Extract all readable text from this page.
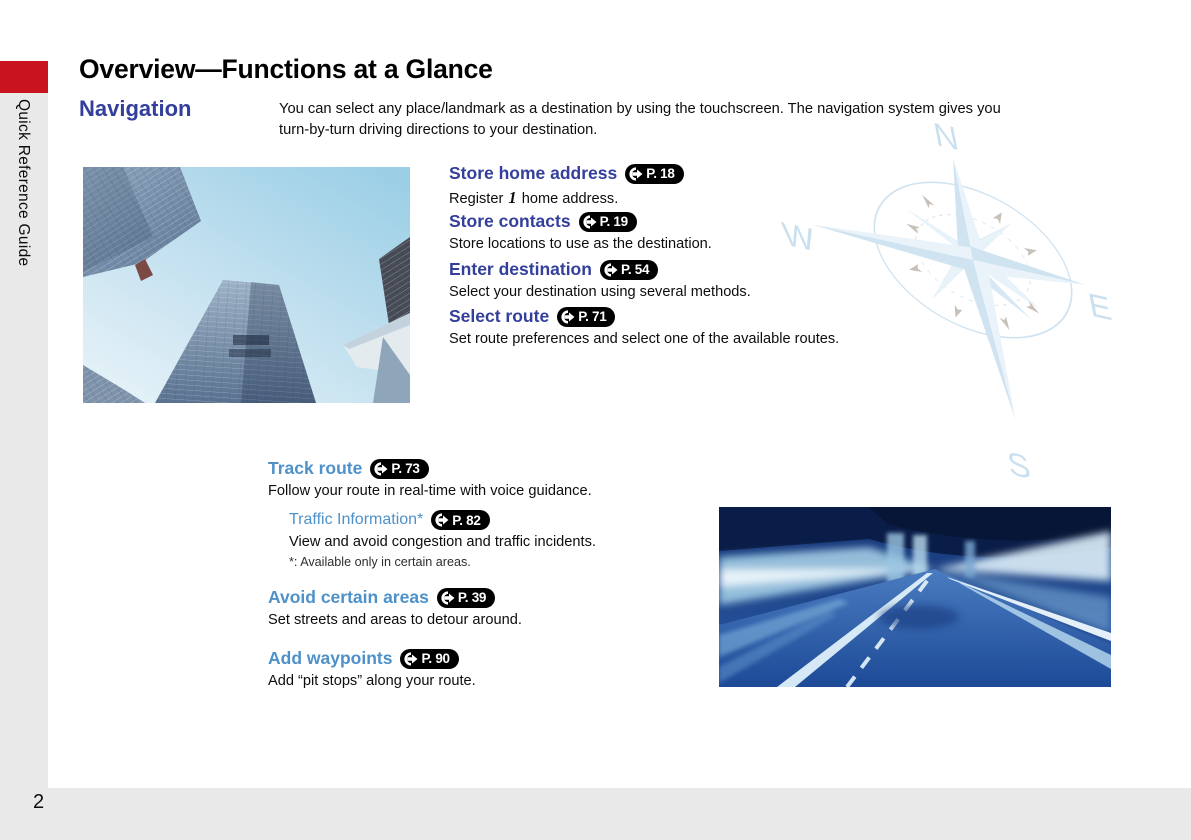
Quick Reference Guide
Overview—Functions at a Glance
Navigation	You can select any place/landmark as a destination by using the touchscreen. The navigation system gives you
turn-by-turn driving directions to your destination.	N
W
E
S
Store home address P. 18

Register 1 home address.

Store contacts P. 19

Store locations to use as the destination.

Enter destination P. 54

Select your destination using several methods.

Select route P. 71

Set route preferences and select one of the available routes.

Track route P. 73

Follow your route in real-time with voice guidance.

Traffic Information* P. 82

View and avoid congestion and traffic incidents.

*: Available only in certain areas.
Avoid certain areas P. 39

Set streets and areas to detour around.

Add waypoints P. 90

Add “pit stops” along your route.

2
